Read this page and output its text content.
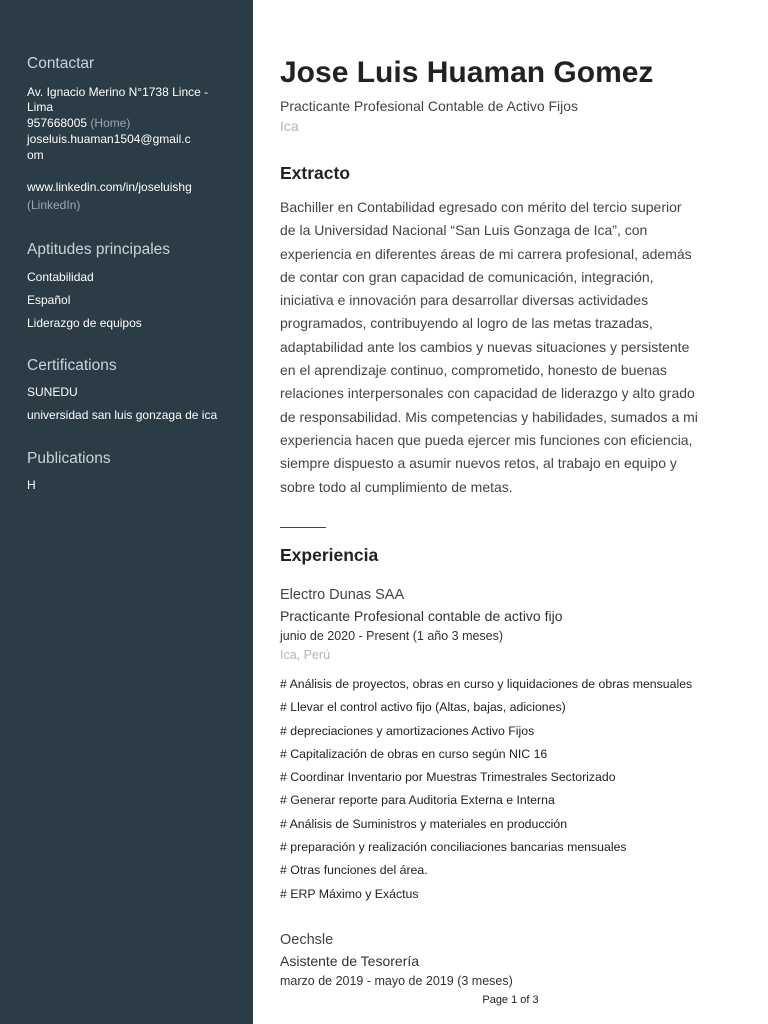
Contactar
Av. Ignacio Merino N°1738 Lince -
Lima
957668005 (Home)
joseluis.huaman1504@gmail.c
om
www.linkedin.com/in/joseluishg
(LinkedIn)
Aptitudes principales
Contabilidad
Español
Liderazgo de equipos
Certifications
SUNEDU
universidad san luis gonzaga de ica
Publications
H
Jose Luis Huaman Gomez
Practicante Profesional Contable de Activo Fijos
Ica
Extracto
Bachiller en Contabilidad egresado con mérito del tercio superior
de la Universidad Nacional “San Luis Gonzaga de Ica”, con
experiencia en diferentes áreas de mi carrera profesional, además
de contar con gran capacidad de comunicación, integración,
iniciativa e innovación para desarrollar diversas actividades
programados, contribuyendo al logro de las metas trazadas,
adaptabilidad ante los cambios y nuevas situaciones y persistente
en el aprendizaje continuo, comprometido, honesto de buenas
relaciones interpersonales con capacidad de liderazgo y alto grado
de responsabilidad. Mis competencias y habilidades, sumados a mi
experiencia hacen que pueda ejercer mis funciones con eficiencia,
siempre dispuesto a asumir nuevos retos, al trabajo en equipo y
sobre todo al cumplimiento de metas.
Experiencia
Electro Dunas SAA
Practicante Profesional contable de activo fijo
junio de 2020 - Present (1 año 3 meses)
Ica, Perú
# Análisis de proyectos, obras en curso y liquidaciones de obras mensuales
# Llevar el control activo fijo (Altas, bajas, adiciones)
# depreciaciones y amortizaciones Activo Fijos
# Capitalización de obras en curso según NIC 16
# Coordinar Inventario por Muestras Trimestrales Sectorizado
# Generar reporte para Auditoria Externa e Interna
# Análisis de Suministros y materiales en producción
# preparación y realización conciliaciones bancarias mensuales
# Otras funciones del área.
# ERP Máximo y Exáctus
Oechsle
Asistente de Tesorería
marzo de 2019 - mayo de 2019 (3 meses)
Page 1 of 3
